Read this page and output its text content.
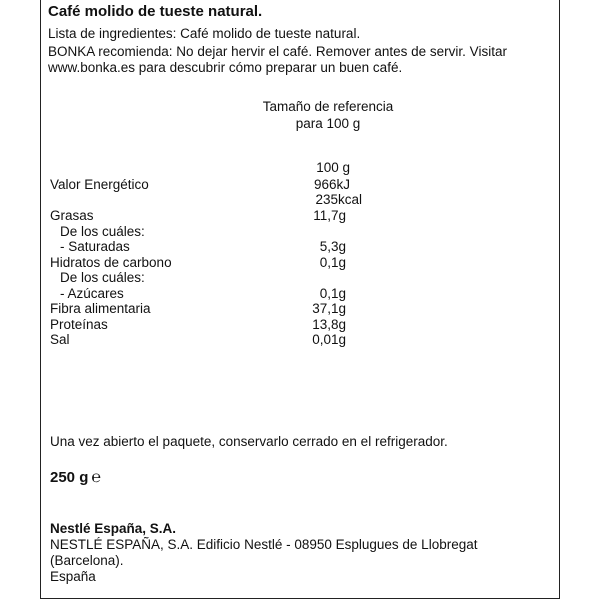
Café molido de tueste natural.
Lista de ingredientes: Café molido de tueste natural.
BONKA recomienda: No dejar hervir el café. Remover antes de servir. Visitar
www.bonka.es para descubrir cómo preparar un buen café.
Tamaño de referencia
para 100 g
100 g
Valor Energético	966kJ
235kcal
Grasas	11,7g
De los cuáles:
- Saturadas	5,3g
Hidratos de carbono	0,1g
De los cuáles:
- Azúcares	0,1g
Fibra alimentaria	37,1g
Proteínas	13,8g
Sal	0,01g
Una vez abierto el paquete, conservarlo cerrado en el refrigerador.
250 g ℮
Nestlé España, S.A.
NESTLÉ ESPAÑA, S.A. Edificio Nestlé - 08950 Esplugues de Llobregat
(Barcelona).
España
